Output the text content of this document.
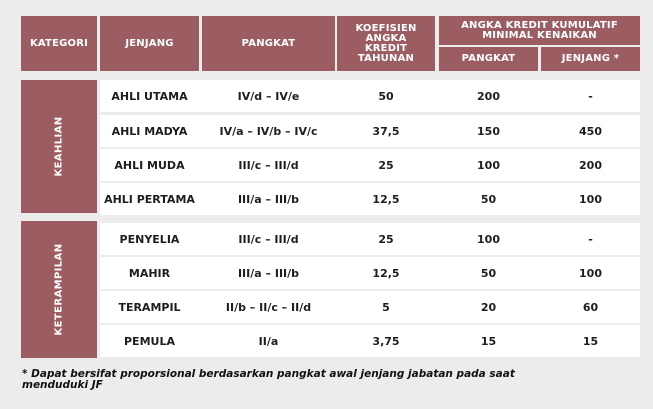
KATEGORI	JENJANG	PANGKAT
KOEFISIEN ANGKA KREDIT TAHUNAN
ANGKA KREDIT KUMULATIF MINIMAL KENAIKAN
PANGKAT	JENJANG *
KEAHLIAN
AHLI UTAMA	IV/d – IV/e	50	200	-
AHLI MADYA	IV/a – IV/b – IV/c	37,5	150	450
AHLI MUDA	III/c – III/d	25	100	200
AHLI PERTAMA	III/a – III/b	12,5	50	100
KETERAMPILAN
PENYELIA	III/c – III/d	25	100	-
MAHIR	III/a – III/b	12,5	50	100
TERAMPIL	II/b – II/c – II/d	5	20	60
PEMULA	II/a	3,75	15	15
* Dapat bersifat proporsional berdasarkan pangkat awal jenjang jabatan pada saat menduduki JF
